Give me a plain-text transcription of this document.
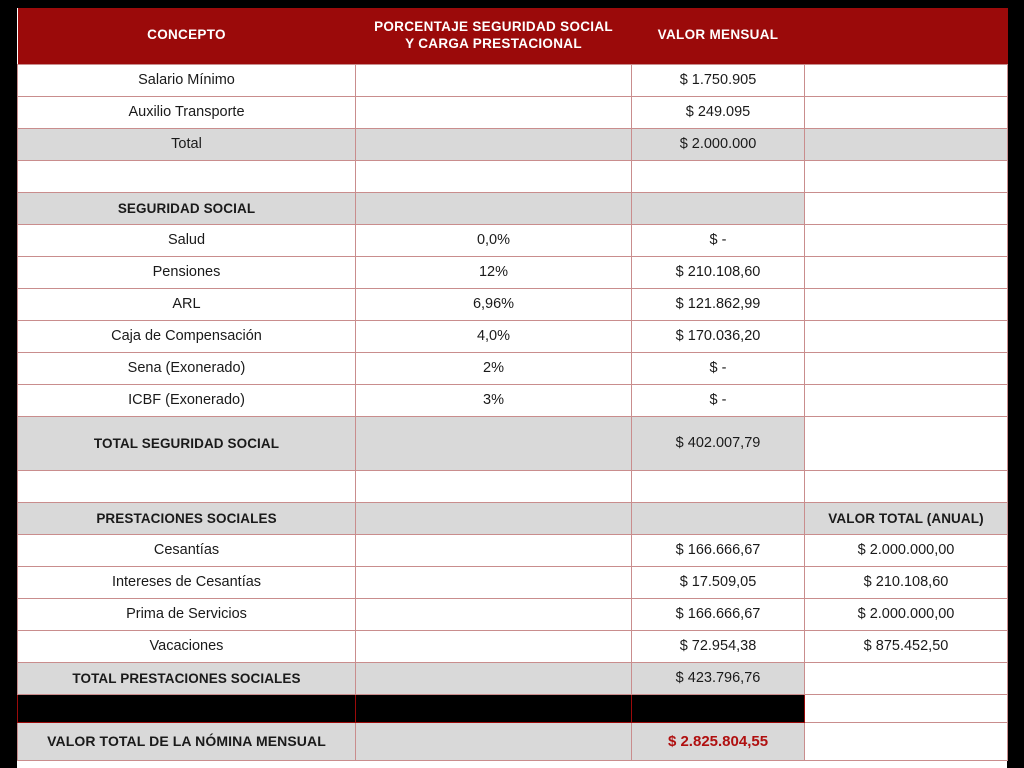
CONCEPTO	PORCENTAJE SEGURIDAD SOCIAL
Y CARGA PRESTACIONAL	VALOR MENSUAL	
Salario Mínimo		$ 1.750.905	
Auxilio Transporte		$ 249.095	
Total		$ 2.000.000	

SEGURIDAD SOCIAL			
Salud	0,0%	$ -	
Pensiones	12%	$ 210.108,60	
ARL	6,96%	$ 121.862,99	
Caja de Compensación	4,0%	$ 170.036,20	
Sena (Exonerado)	2%	$ -	
ICBF (Exonerado)	3%	$ -	
TOTAL SEGURIDAD SOCIAL		$ 402.007,79	

PRESTACIONES SOCIALES			VALOR TOTAL (ANUAL)
Cesantías		$ 166.666,67	$ 2.000.000,00
Intereses de Cesantías		$ 17.509,05	$ 210.108,60
Prima de Servicios		$ 166.666,67	$ 2.000.000,00
Vacaciones		$ 72.954,38	$ 875.452,50
TOTAL PRESTACIONES SOCIALES		$ 423.796,76	

VALOR TOTAL DE LA NÓMINA MENSUAL		$ 2.825.804,55	
